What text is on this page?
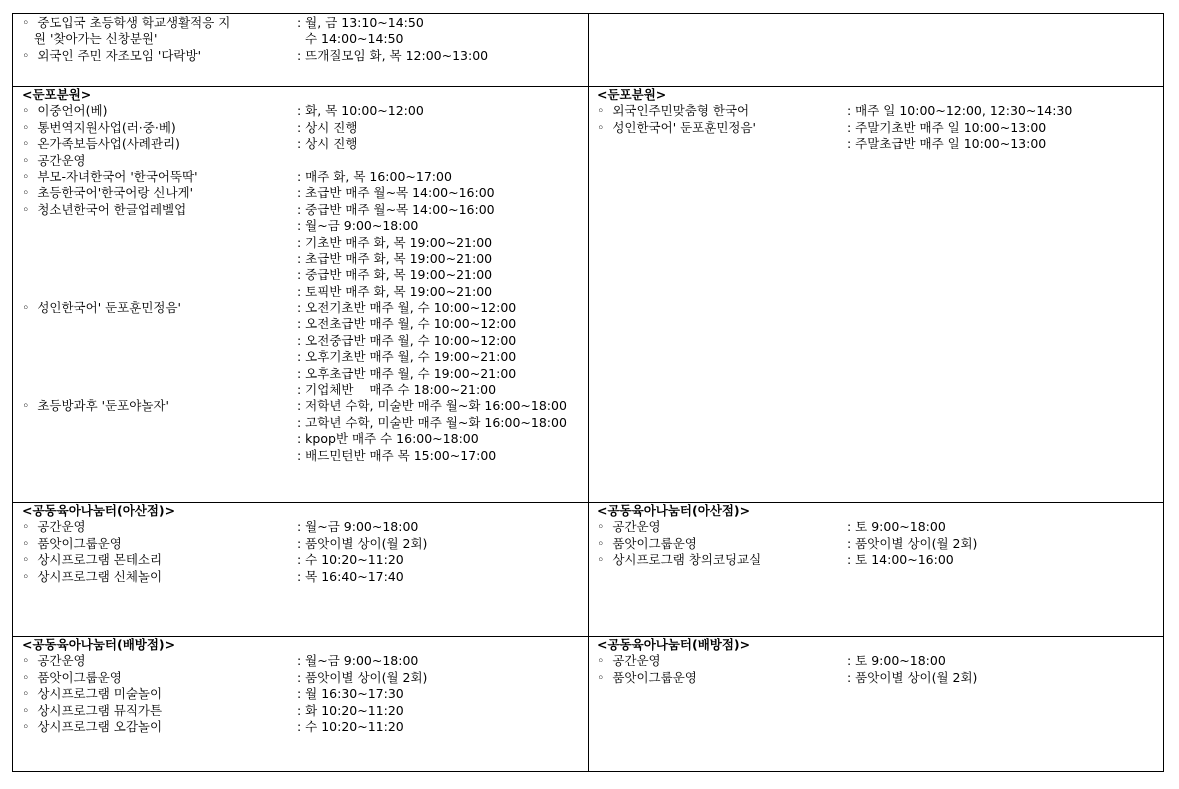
◦  중도입국 초등학생 학교생활적응 지	: 월, 금 13:10~14:50
원 '찾아가는 신창분원'	수 14:00~14:50
◦  외국인 주민 자조모임 '다락방'	: 뜨개질모임 화, 목 12:00~13:00
<둔포분원>
◦  이중언어(베)	: 화, 목 10:00~12:00
◦  통번역지원사업(러·중·베)	: 상시 진행
◦  온가족보듬사업(사례관리)	: 상시 진행
◦  공간운영
◦  부모-자녀한국어 '한국어뚝딱'	: 매주 화, 목 16:00~17:00
◦  초등한국어'한국어랑 신나게'	: 초급반 매주 월~목 14:00~16:00
◦  청소년한국어 한글업레벨업	: 중급반 매주 월~목 14:00~16:00
: 월~금 9:00~18:00
: 기초반 매주 화, 목 19:00~21:00
: 초급반 매주 화, 목 19:00~21:00
: 중급반 매주 화, 목 19:00~21:00
: 토픽반 매주 화, 목 19:00~21:00
◦  성인한국어' 둔포훈민정음'	: 오전기초반 매주 월, 수 10:00~12:00
: 오전초급반 매주 월, 수 10:00~12:00
: 오전중급반 매주 월, 수 10:00~12:00
: 오후기초반 매주 월, 수 19:00~21:00
: 오후초급반 매주 월, 수 19:00~21:00
: 기업체반    매주 수 18:00~21:00
◦  초등방과후 '둔포야놀자'	: 저학년 수학, 미술반 매주 월~화 16:00~18:00
: 고학년 수학, 미술반 매주 월~화 16:00~18:00
: kpop반 매주 수 16:00~18:00
: 배드민턴반 매주 목 15:00~17:00
<둔포분원>
◦  외국인주민맞춤형 한국어	: 매주 일 10:00~12:00, 12:30~14:30
◦  성인한국어' 둔포훈민정음'	: 주말기초반 매주 일 10:00~13:00
: 주말초급반 매주 일 10:00~13:00
<공동육아나눔터(아산점)>
◦  공간운영	: 월~금 9:00~18:00
◦  품앗이그룹운영	: 품앗이별 상이(월 2회)
◦  상시프로그램 몬테소리	: 수 10:20~11:20
◦  상시프로그램 신체놀이	: 목 16:40~17:40
<공동육아나눔터(아산점)>
◦  공간운영	: 토 9:00~18:00
◦  품앗이그룹운영	: 품앗이별 상이(월 2회)
◦  상시프로그램 창의코딩교실	: 토 14:00~16:00
<공동육아나눔터(배방점)>
◦  공간운영	: 월~금 9:00~18:00
◦  품앗이그룹운영	: 품앗이별 상이(월 2회)
◦  상시프로그램 미술놀이	: 월 16:30~17:30
◦  상시프로그램 뮤직가튼	: 화 10:20~11:20
◦  상시프로그램 오감놀이	: 수 10:20~11:20
<공동육아나눔터(배방점)>
◦  공간운영	: 토 9:00~18:00
◦  품앗이그룹운영	: 품앗이별 상이(월 2회)
